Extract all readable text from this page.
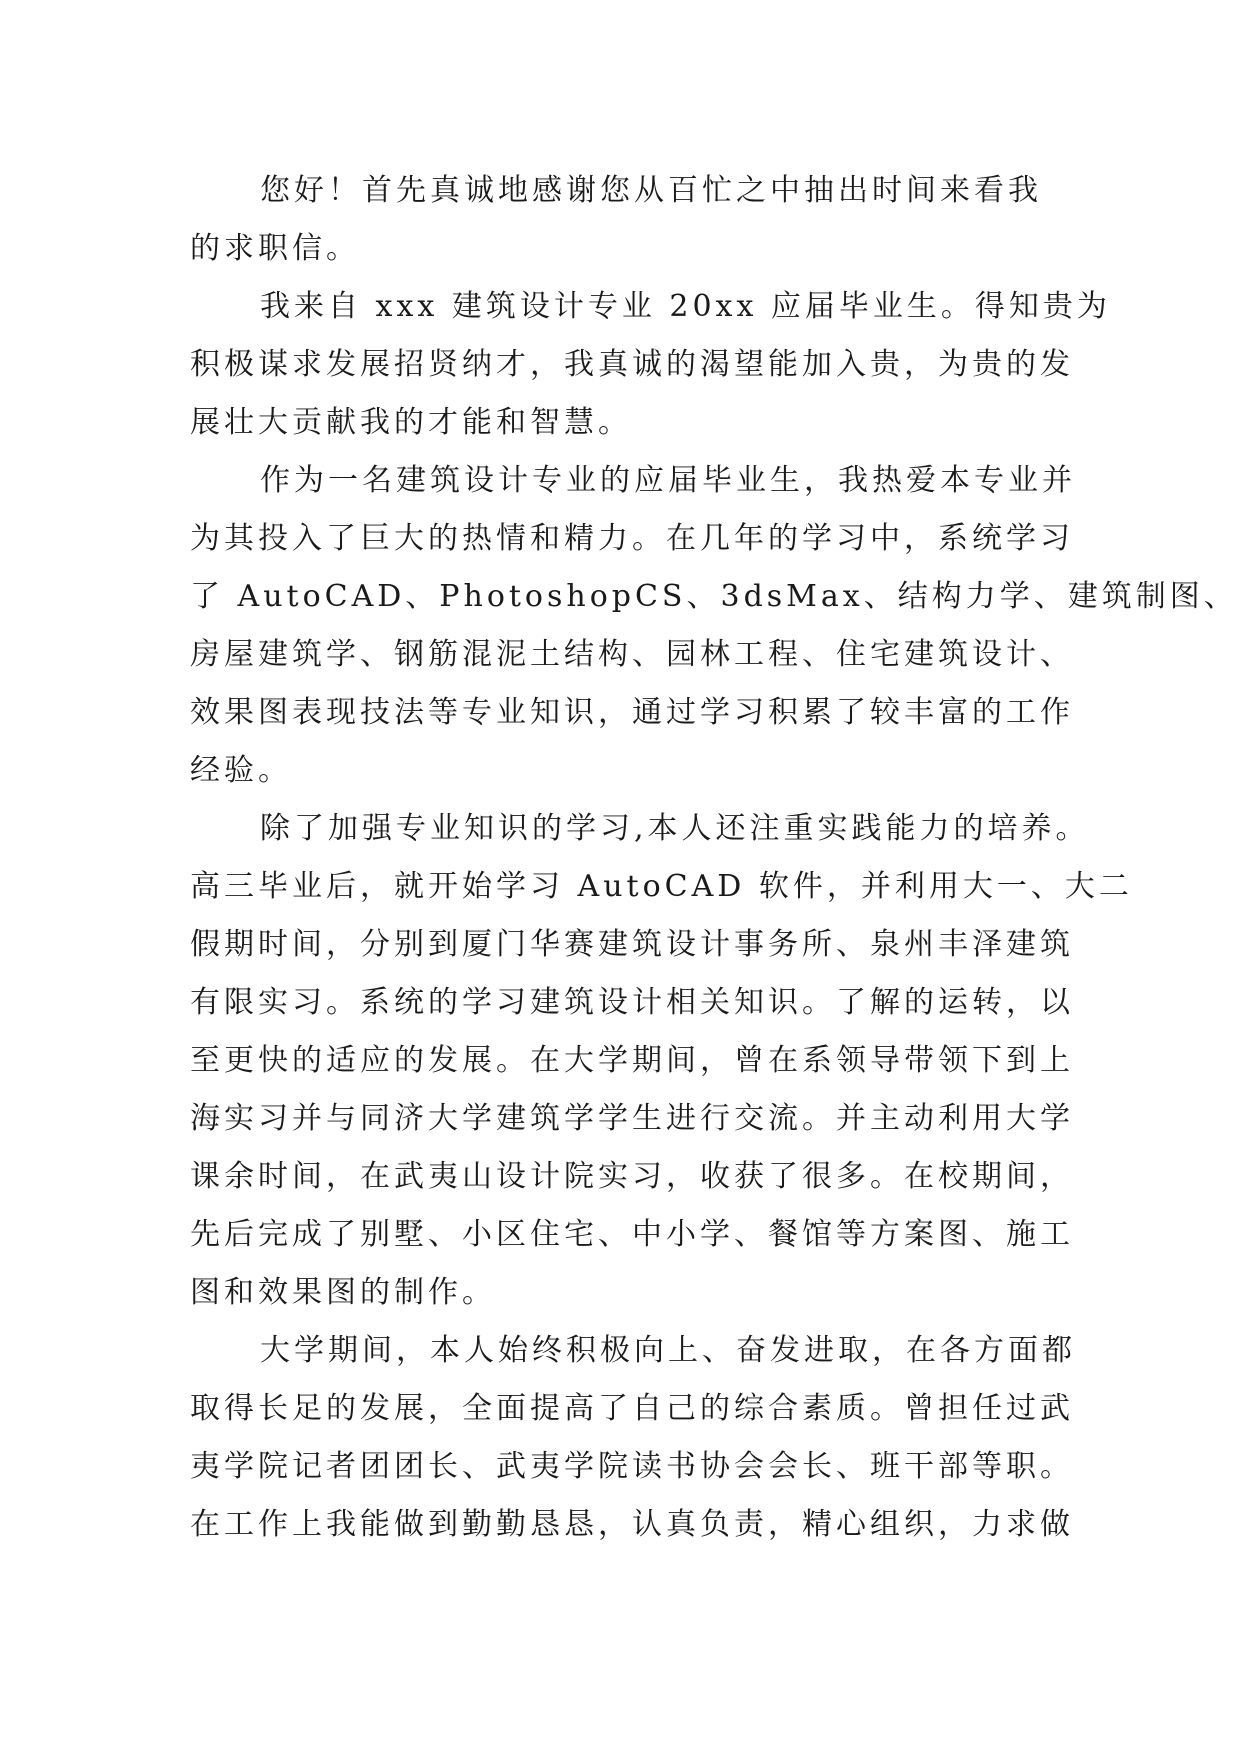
您好！首先真诚地感谢您从百忙之中抽出时间来看我
的求职信。
我来自 xxx 建筑设计专业 20xx 应届毕业生。得知贵为
积极谋求发展招贤纳才，我真诚的渴望能加入贵，为贵的发
展壮大贡献我的才能和智慧。
作为一名建筑设计专业的应届毕业生，我热爱本专业并
为其投入了巨大的热情和精力。在几年的学习中，系统学习
了 AutoCAD、PhotoshopCS、3dsMax、结构力学、建筑制图、
房屋建筑学、钢筋混泥土结构、园林工程、住宅建筑设计、
效果图表现技法等专业知识，通过学习积累了较丰富的工作
经验。
除了加强专业知识的学习,本人还注重实践能力的培养。
高三毕业后，就开始学习 AutoCAD 软件，并利用大一、大二
假期时间，分别到厦门华赛建筑设计事务所、泉州丰泽建筑
有限实习。系统的学习建筑设计相关知识。了解的运转，以
至更快的适应的发展。在大学期间，曾在系领导带领下到上
海实习并与同济大学建筑学学生进行交流。并主动利用大学
课余时间，在武夷山设计院实习，收获了很多。在校期间，
先后完成了别墅、小区住宅、中小学、餐馆等方案图、施工
图和效果图的制作。
大学期间，本人始终积极向上、奋发进取，在各方面都
取得长足的发展，全面提高了自己的综合素质。曾担任过武
夷学院记者团团长、武夷学院读书协会会长、班干部等职。
在工作上我能做到勤勤恳恳，认真负责，精心组织，力求做
